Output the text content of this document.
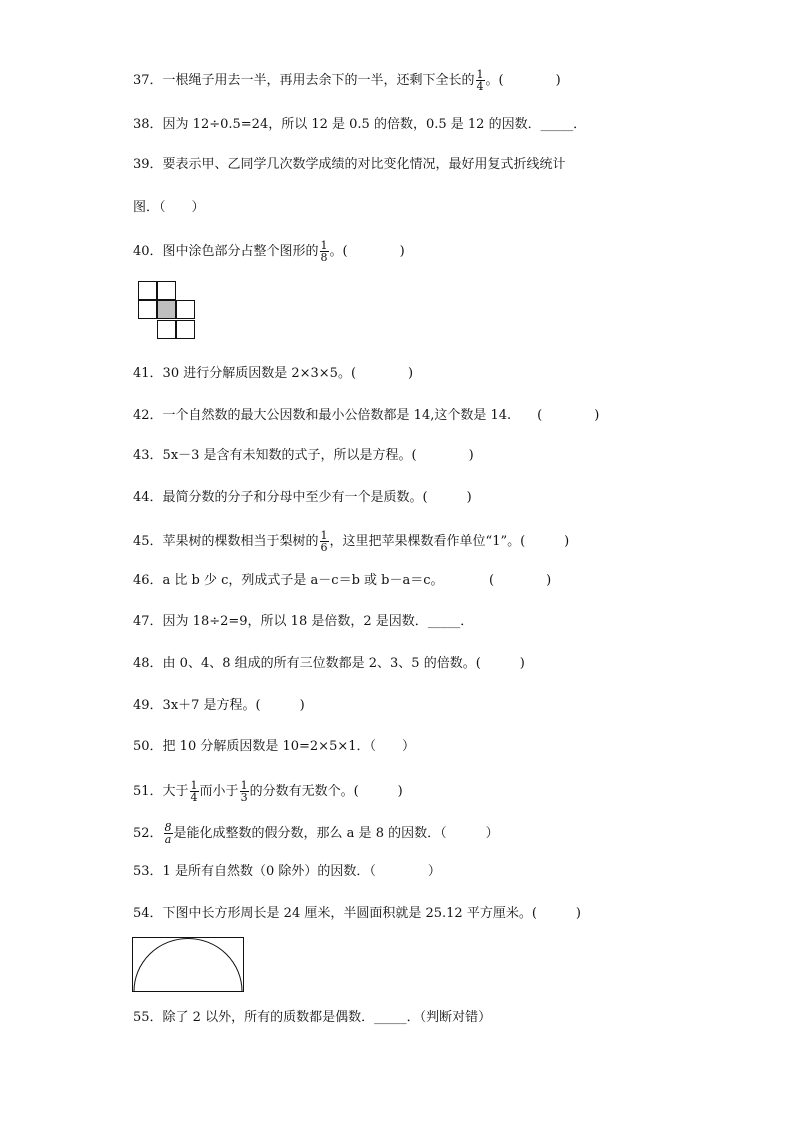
37．一根绳子用去一半，再用去余下的一半，还剩下全长的 $\frac{1}{4}$ 。(　　　　)
38．因为 12÷0.5=24，所以 12 是 0.5 的倍数，0.5 是 12 的因数．_____．
39．要表示甲、乙同学几次数学成绩的对比变化情况，最好用复式折线统计
图．（　　）
40．图中涂色部分占整个图形的 $\frac{1}{8}$ 。(　　　　)
41．30 进行分解质因数是 2×3×5。(　　　　)
42．一个自然数的最大公因数和最小公倍数都是 14,这个数是 14.　　(　　　　)
43．5x－3 是含有未知数的式子，所以是方程。(　　　　)
44．最简分数的分子和分母中至少有一个是质数。(　　　)
45．苹果树的棵数相当于梨树的 $\frac{1}{6}$ ，这里把苹果棵数看作单位“1”。(　　　)
46．a 比 b 少 c，列成式子是 a－c＝b 或 b－a＝c。　　　　(　　　　)
47．因为 18÷2=9，所以 18 是倍数，2 是因数．_____．
48．由 0、4、8 组成的所有三位数都是 2、3、5 的倍数。(　　　)
49．3x＋7 是方程。(　　　)
50．把 10 分解质因数是 10=2×5×1．（　　）
51．大于 $\frac{1}{4}$ 而小于 $\frac{1}{3}$ 的分数有无数个。(　　　)
52． $\frac{8}{a}$ 是能化成整数的假分数，那么 a 是 8 的因数．（　　　）
53．1 是所有自然数（0 除外）的因数．（　　　　）
54．下图中长方形周长是 24 厘米，半圆面积就是 25.12 平方厘米。(　　　)
55．除了 2 以外，所有的质数都是偶数．_____．（判断对错）
